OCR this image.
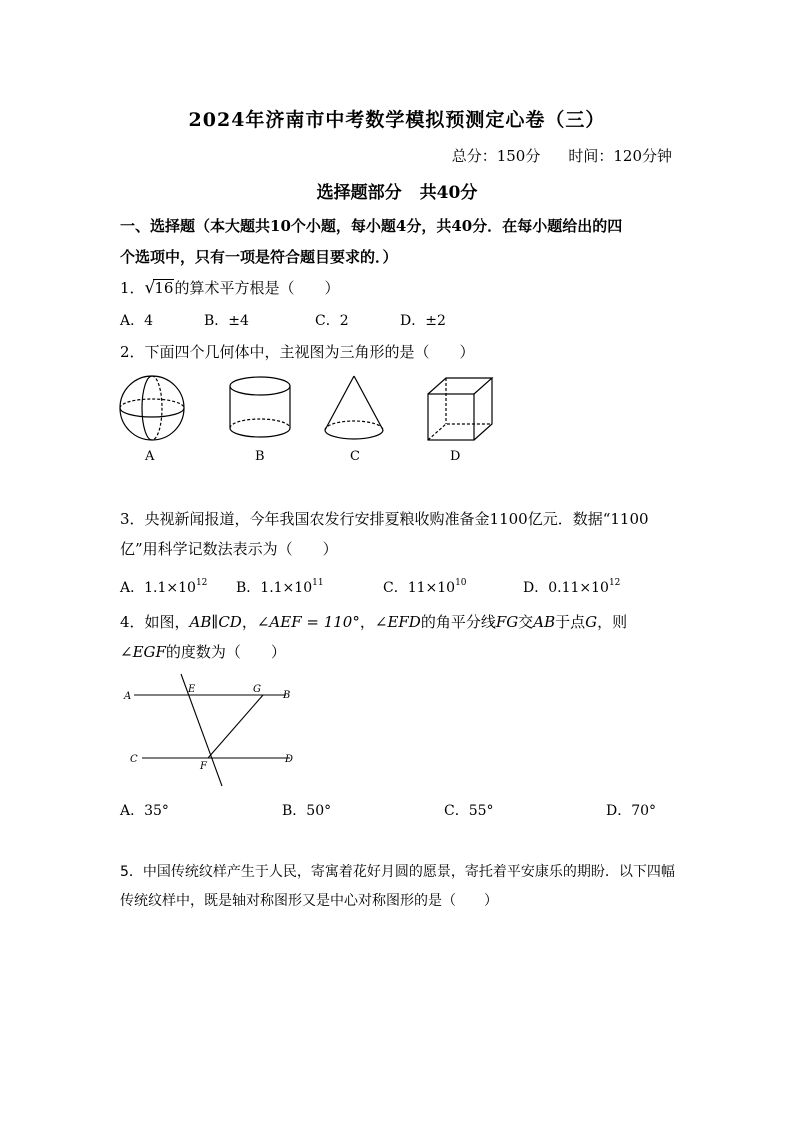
2024年济南市中考数学模拟预测定心卷（三）
总分：150分 时间：120分钟
选择题部分 共40分
一、选择题（本大题共10个小题，每小题4分，共40分．在每小题给出的四
个选项中，只有一项是符合题目要求的．）
1．√16的算术平方根是（　　）
A．4	B．±4	C．2	D．±2
2．下面四个几何体中，主视图为三角形的是（　　）
A	B	C	D
3．央视新闻报道，今年我国农发行安排夏粮收购准备金1100亿元．数据“1100
亿”用科学记数法表示为（　　）
A．$1.1\times 10^{12}$ B．$1.1\times 10^{11}$	C．$11\times 10^{10}$	D．$0.11\times 10^{12}$
4．如图，AB∥CD，∠AEF = 110°，∠EFD的角平分线FG交AB于点G，则
∠EGF的度数为（　　）
A
E	G
B
C
F
D
A．35°	B．50°	C．55°	D．70°
5．中国传统纹样产生于人民，寄寓着花好月圆的愿景，寄托着平安康乐的期盼．以下四幅
传统纹样中，既是轴对称图形又是中心对称图形的是（　　）
